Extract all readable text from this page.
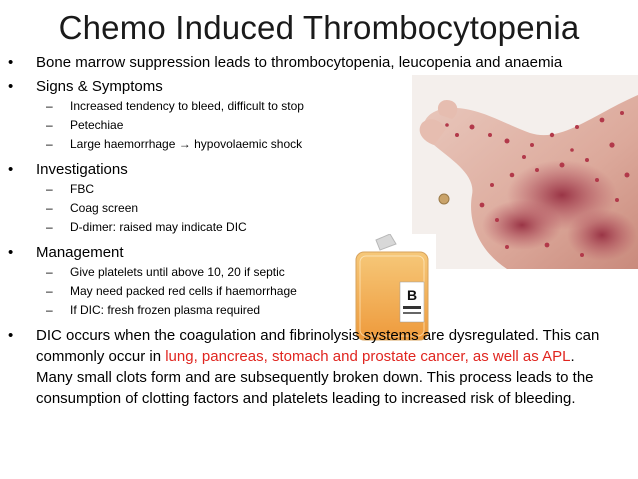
Chemo Induced Thrombocytopenia
B
• Bone marrow suppression leads to thrombocytopenia, leucopenia and anaemia
• Signs & Symptoms
– Increased tendency to bleed, difficult to stop
– Petechiae
– Large haemorrhage → hypovolaemic shock
• Investigations
– FBC
– Coag screen
– D-dimer: raised may indicate DIC
• Management
– Give platelets until above 10, 20 if septic
– May need packed red cells if haemorrhage
– If DIC: fresh frozen plasma required
• DIC occurs when the coagulation and fibrinolysis systems are dysregulated. This can commonly occur in lung, pancreas, stomach and prostate cancer, as well as APL. Many small clots form and are subsequently broken down. This process leads to the consumption of clotting factors and platelets leading to increased risk of bleeding.
